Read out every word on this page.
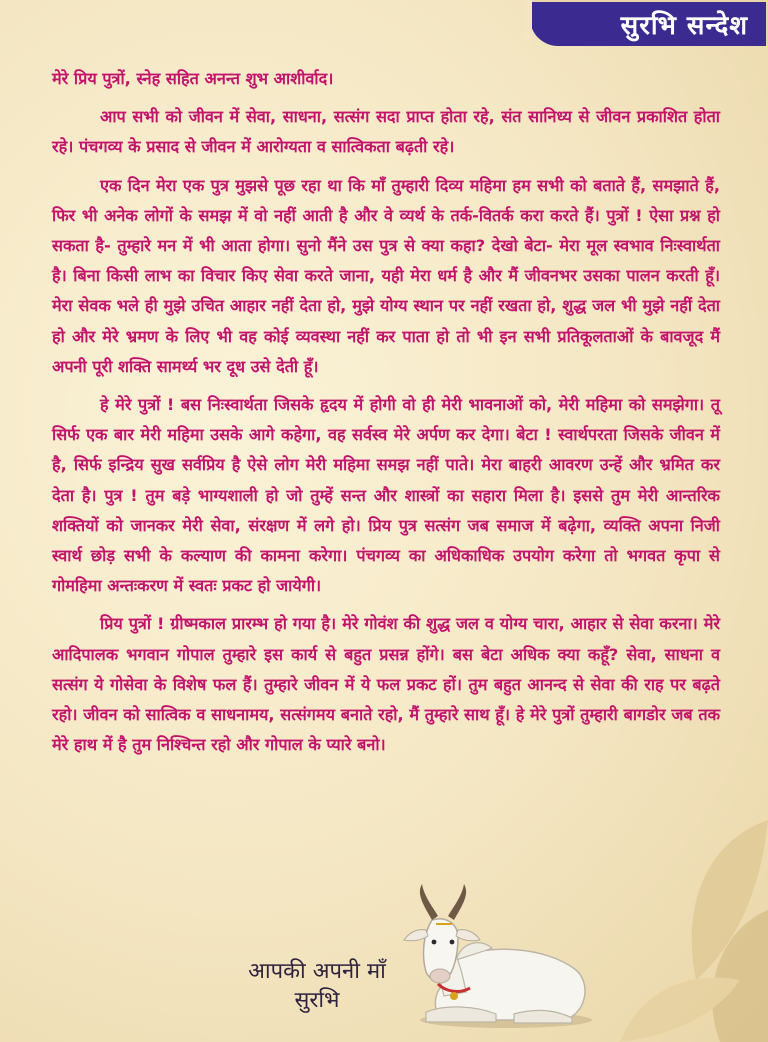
सुरभि सन्देश

मेरे प्रिय पुत्रों, स्नेह सहित अनन्त शुभ आशीर्वाद।

आप सभी को जीवन में सेवा, साधना, सत्संग सदा प्राप्त होता रहे, संत सानिध्य से जीवन प्रकाशित होता रहे। पंचगव्य के प्रसाद से जीवन में आरोग्यता व सात्विकता बढ़ती रहे।

एक दिन मेरा एक पुत्र मुझसे पूछ रहा था कि माँ तुम्हारी दिव्य महिमा हम सभी को बताते हैं, समझाते हैं, फिर भी अनेक लोगों के समझ में वो नहीं आती है और वे व्यर्थ के तर्क-वितर्क करा करते हैं। पुत्रों ! ऐसा प्रश्न हो सकता है- तुम्हारे मन में भी आता होगा। सुनो मैंने उस पुत्र से क्या कहा? देखो बेटा- मेरा मूल स्वभाव निःस्वार्थता है। बिना किसी लाभ का विचार किए सेवा करते जाना, यही मेरा धर्म है और मैं जीवनभर उसका पालन करती हूँ। मेरा सेवक भले ही मुझे उचित आहार नहीं देता हो, मुझे योग्य स्थान पर नहीं रखता हो, शुद्ध जल भी मुझे नहीं देता हो और मेरे भ्रमण के लिए भी वह कोई व्यवस्था नहीं कर पाता हो तो भी इन सभी प्रतिकूलताओं के बावजूद मैं अपनी पूरी शक्ति सामर्थ्य भर दूध उसे देती हूँ।

हे मेरे पुत्रों ! बस निःस्वार्थता जिसके हृदय में होगी वो ही मेरी भावनाओं को, मेरी महिमा को समझेगा। तू सिर्फ एक बार मेरी महिमा उसके आगे कहेगा, वह सर्वस्व मेरे अर्पण कर देगा। बेटा ! स्वार्थपरता जिसके जीवन में है, सिर्फ इन्द्रिय सुख सर्वप्रिय है ऐसे लोग मेरी महिमा समझ नहीं पाते। मेरा बाहरी आवरण उन्हें और भ्रमित कर देता है। पुत्र ! तुम बड़े भाग्यशाली हो जो तुम्हें सन्त और शास्त्रों का सहारा मिला है। इससे तुम मेरी आन्तरिक शक्तियों को जानकर मेरी सेवा, संरक्षण में लगे हो। प्रिय पुत्र सत्संग जब समाज में बढ़ेगा, व्यक्ति अपना निजी स्वार्थ छोड़ सभी के कल्याण की कामना करेगा। पंचगव्य का अधिकाधिक उपयोग करेगा तो भगवत कृपा से गोमहिमा अन्तःकरण में स्वतः प्रकट हो जायेगी।

प्रिय पुत्रों ! ग्रीष्मकाल प्रारम्भ हो गया है। मेरे गोवंश की शुद्ध जल व योग्य चारा, आहार से सेवा करना। मेरे आदिपालक भगवान गोपाल तुम्हारे इस कार्य से बहुत प्रसन्न होंगे। बस बेटा अधिक क्या कहूँ? सेवा, साधना व सत्संग ये गोसेवा के विशेष फल हैं। तुम्हारे जीवन में ये फल प्रकट हों। तुम बहुत आनन्द से सेवा की राह पर बढ़ते रहो। जीवन को सात्विक व साधनामय, सत्संगमय बनाते रहो, मैं तुम्हारे साथ हूँ। हे मेरे पुत्रों तुम्हारी बागडोर जब तक मेरे हाथ में है तुम निश्चिन्त रहो और गोपाल के प्यारे बनो।

आपकी अपनी माँ
सुरभि
